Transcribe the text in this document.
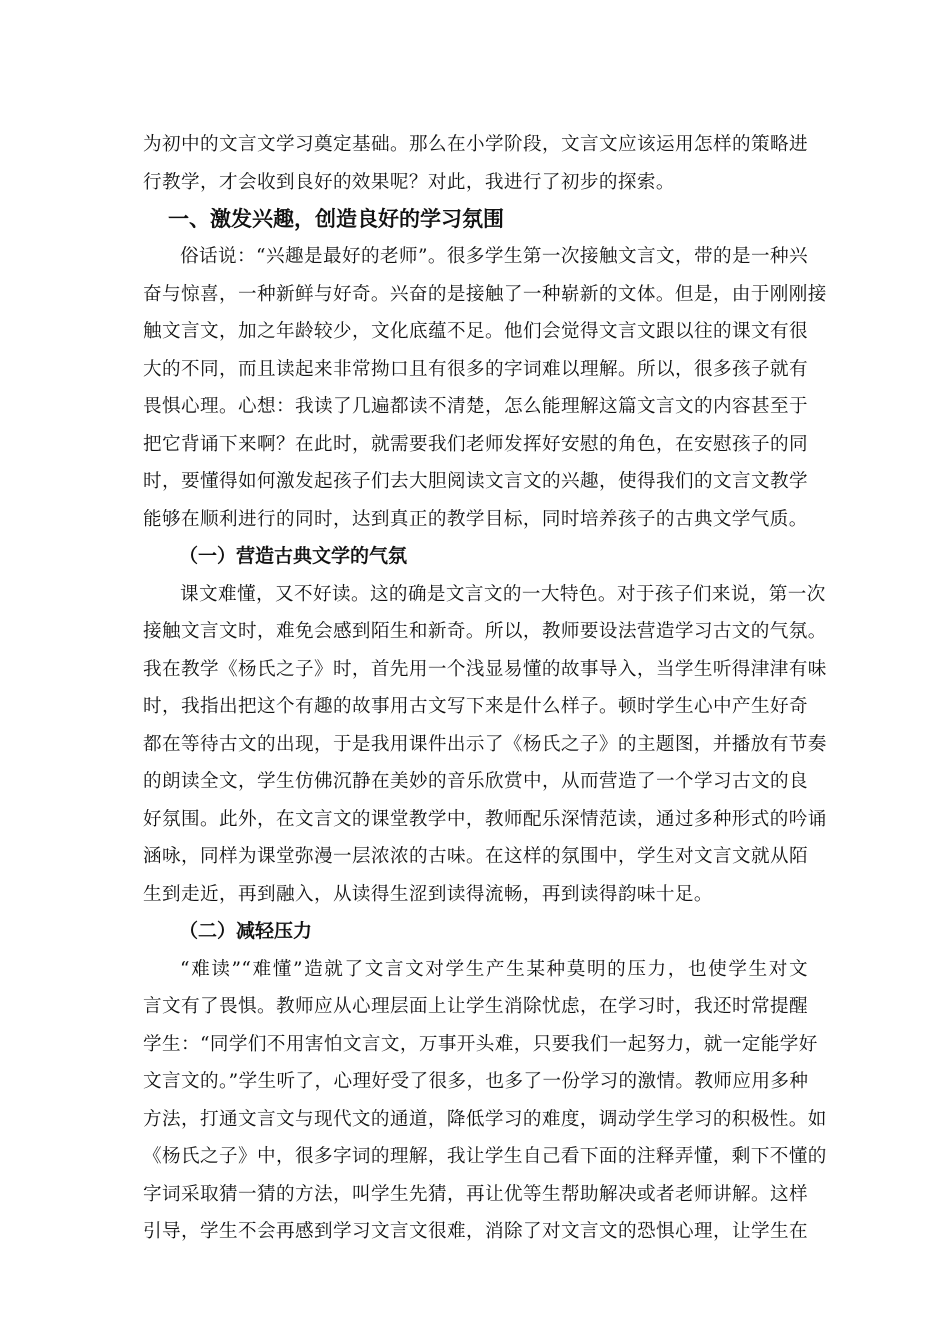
为初中的文言文学习奠定基础。那么在小学阶段，文言文应该运用怎样的策略进
行教学，才会收到良好的效果呢？对此，我进行了初步的探索。
一、激发兴趣，创造良好的学习氛围
俗话说：“兴趣是最好的老师”。很多学生第一次接触文言文，带的是一种兴
奋与惊喜，一种新鲜与好奇。兴奋的是接触了一种崭新的文体。但是，由于刚刚接
触文言文，加之年龄较少，文化底蕴不足。他们会觉得文言文跟以往的课文有很
大的不同，而且读起来非常拗口且有很多的字词难以理解。所以，很多孩子就有
畏惧心理。心想：我读了几遍都读不清楚，怎么能理解这篇文言文的内容甚至于
把它背诵下来啊？在此时，就需要我们老师发挥好安慰的角色，在安慰孩子的同
时，要懂得如何激发起孩子们去大胆阅读文言文的兴趣，使得我们的文言文教学
能够在顺利进行的同时，达到真正的教学目标，同时培养孩子的古典文学气质。
（一）营造古典文学的气氛
课文难懂，又不好读。这的确是文言文的一大特色。对于孩子们来说，第一次
接触文言文时，难免会感到陌生和新奇。所以，教师要设法营造学习古文的气氛。
我在教学《杨氏之子》时，首先用一个浅显易懂的故事导入，当学生听得津津有味
时，我指出把这个有趣的故事用古文写下来是什么样子。顿时学生心中产生好奇
都在等待古文的出现，于是我用课件出示了《杨氏之子》的主题图，并播放有节奏
的朗读全文，学生仿佛沉静在美妙的音乐欣赏中，从而营造了一个学习古文的良
好氛围。此外，在文言文的课堂教学中，教师配乐深情范读，通过多种形式的吟诵
涵咏，同样为课堂弥漫一层浓浓的古味。在这样的氛围中，学生对文言文就从陌
生到走近，再到融入，从读得生涩到读得流畅，再到读得韵味十足。
（二）减轻压力
“难读”“难懂”造就了文言文对学生产生某种莫明的压力，也使学生对文
言文有了畏惧。教师应从心理层面上让学生消除忧虑，在学习时，我还时常提醒
学生：“同学们不用害怕文言文，万事开头难，只要我们一起努力，就一定能学好
文言文的。”学生听了，心理好受了很多，也多了一份学习的激情。教师应用多种
方法，打通文言文与现代文的通道，降低学习的难度，调动学生学习的积极性。如
《杨氏之子》中，很多字词的理解，我让学生自己看下面的注释弄懂，剩下不懂的
字词采取猜一猜的方法，叫学生先猜，再让优等生帮助解决或者老师讲解。这样
引导，学生不会再感到学习文言文很难，消除了对文言文的恐惧心理，让学生在
